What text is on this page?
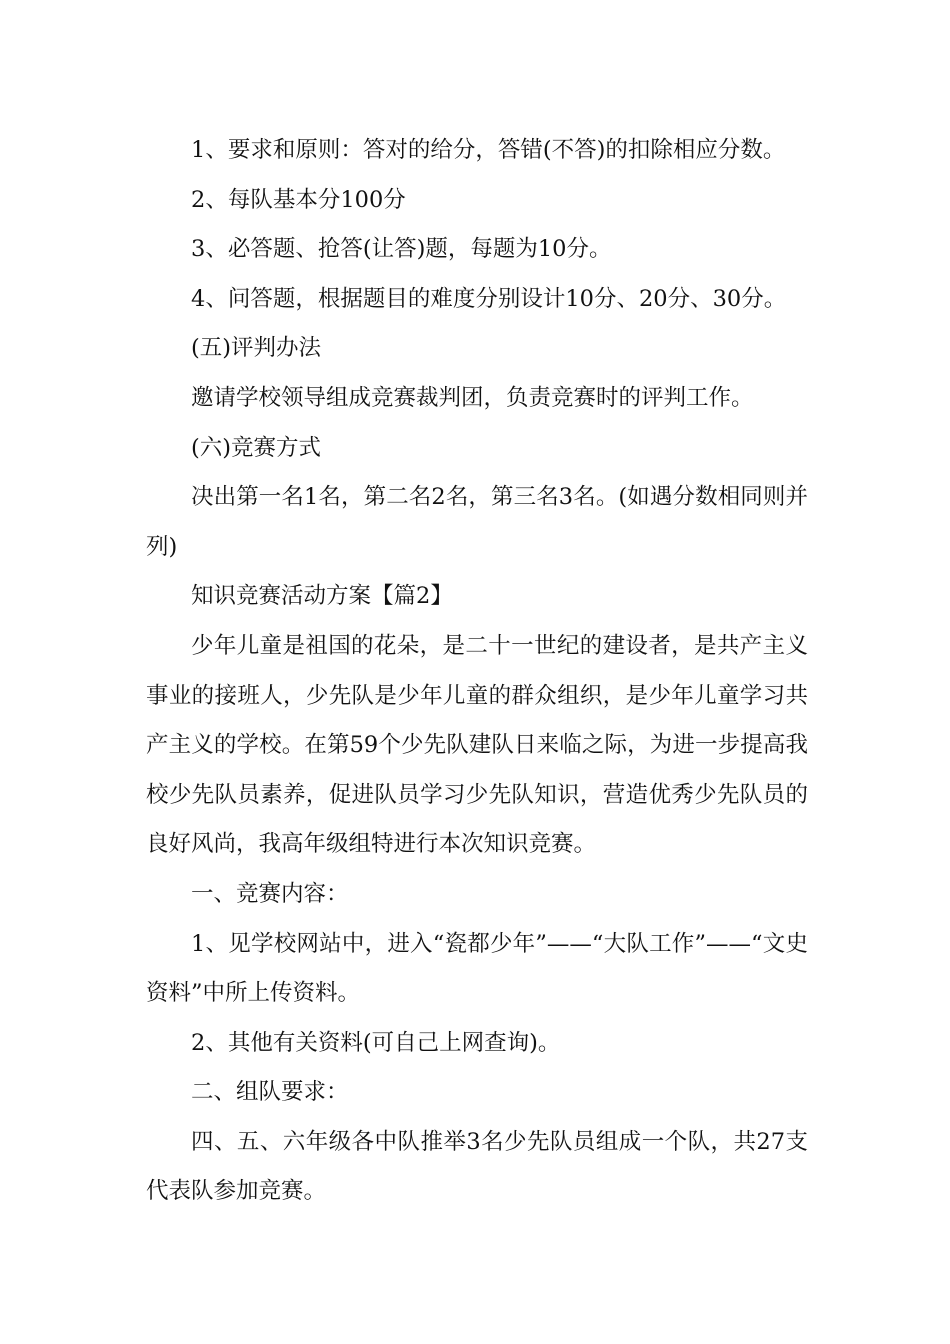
1、要求和原则：答对的给分，答错(不答)的扣除相应分数。

2、每队基本分100分

3、必答题、抢答(让答)题，每题为10分。

4、问答题，根据题目的难度分别设计10分、20分、30分。

(五)评判办法

邀请学校领导组成竞赛裁判团，负责竞赛时的评判工作。

(六)竞赛方式

决出第一名1名，第二名2名，第三名3名。(如遇分数相同则并列)

知识竞赛活动方案【篇2】

少年儿童是祖国的花朵，是二十一世纪的建设者，是共产主义事业的接班人，少先队是少年儿童的群众组织，是少年儿童学习共产主义的学校。在第59个少先队建队日来临之际，为进一步提高我校少先队员素养，促进队员学习少先队知识，营造优秀少先队员的良好风尚，我高年级组特进行本次知识竞赛。

一、竞赛内容：

1、见学校网站中，进入“瓷都少年”——“大队工作”——“文史资料”中所上传资料。

2、其他有关资料(可自己上网查询)。

二、组队要求：

四、五、六年级各中队推举3名少先队员组成一个队，共27支代表队参加竞赛。
